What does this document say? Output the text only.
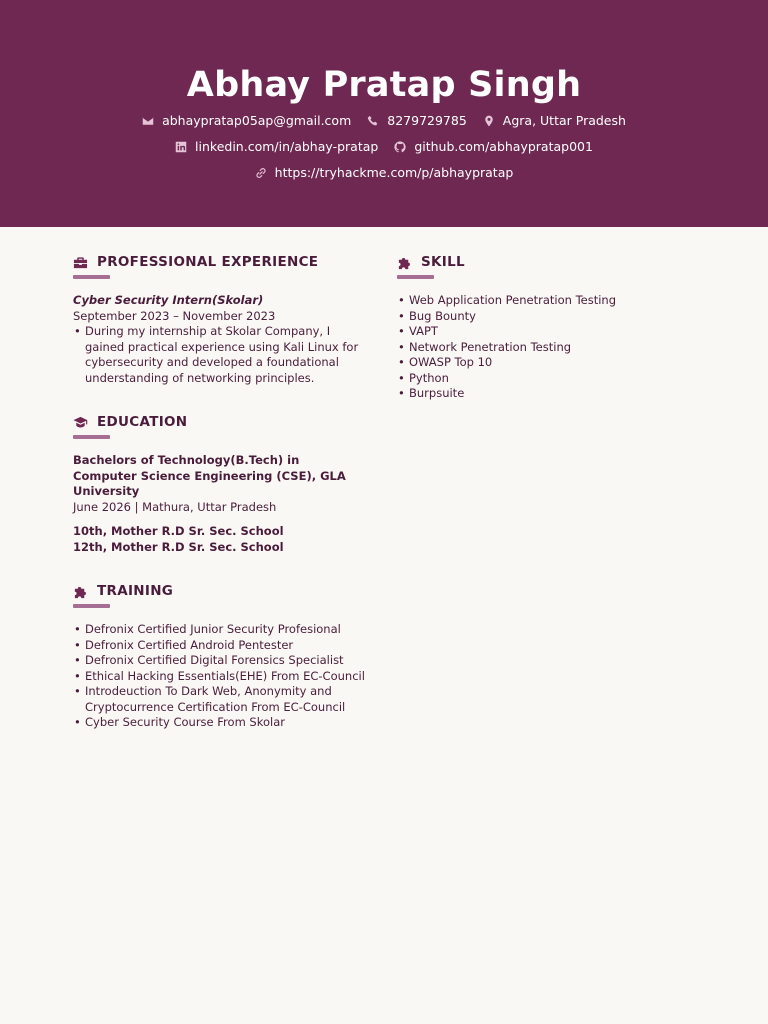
Abhay Pratap Singh
abhaypratap05ap@gmail.com	8279729785	Agra, Uttar Pradesh
linkedin.com/in/abhay-pratap	github.com/abhaypratap001
https://tryhackme.com/p/abhaypratap
PROFESSIONAL EXPERIENCE
Cyber Security Intern(Skolar)
September 2023 – November 2023
• During my internship at Skolar Company, I gained practical experience using Kali Linux for cybersecurity and developed a foundational understanding of networking principles.
EDUCATION
Bachelors of Technology(B.Tech) in Computer Science Engineering (CSE), GLA University
June 2026 | Mathura, Uttar Pradesh
10th, Mother R.D Sr. Sec. School
12th, Mother R.D Sr. Sec. School
TRAINING
• Defronix Certified Junior Security Profesional
• Defronix Certified Android Pentester
• Defronix Certified Digital Forensics Specialist
• Ethical Hacking Essentials(EHE) From EC-Council
• Introdeuction To Dark Web, Anonymity and Cryptocurrence Certification From EC-Council
• Cyber Security Course From Skolar
SKILL
• Web Application Penetration Testing
• Bug Bounty
• VAPT
• Network Penetration Testing
• OWASP Top 10
• Python
• Burpsuite
